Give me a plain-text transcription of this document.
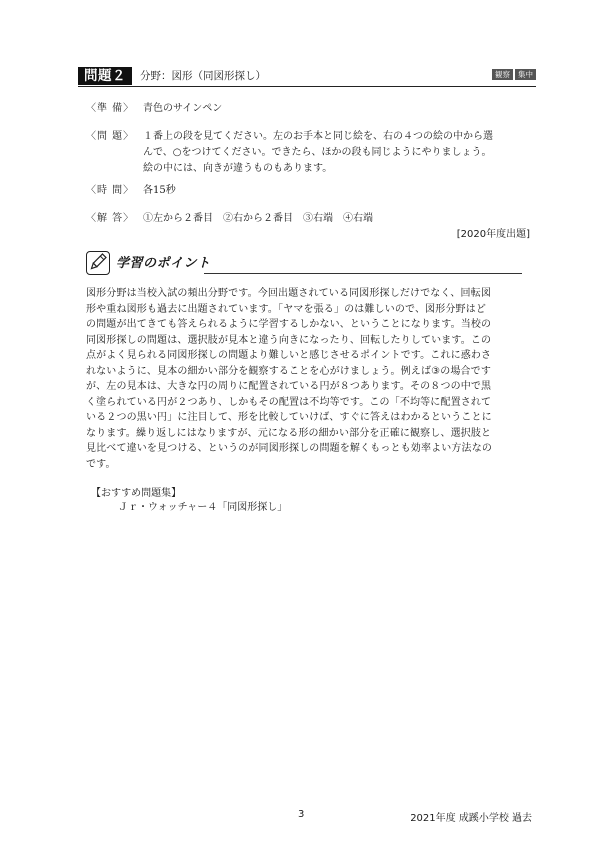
問題２	分野：図形（同図形探し）	観察	集中
〈準 備〉 青色のサインペン
〈問 題〉 １番上の段を見てください。左のお手本と同じ絵を、右の４つの絵の中から選
んで、○をつけてください。できたら、ほかの段も同じようにやりましょう。
絵の中には、向きが違うものもあります。
〈時 間〉 各15秒
〈解 答〉 ①左から２番目　②右から２番目　③右端　④右端
[2020年度出題]
学習のポイント

図形分野は当校入試の頻出分野です。今回出題されている同図形探しだけでなく、回転図

形や重ね図形も過去に出題されています。「ヤマを張る」のは難しいので、図形分野はど

の問題が出てきても答えられるように学習するしかない、ということになります。当校の

同図形探しの問題は、選択肢が見本と違う向きになったり、回転したりしています。この

点がよく見られる同図形探しの問題より難しいと感じさせるポイントです。これに惑わさ

れないように、見本の細かい部分を観察することを心がけましょう。例えば③の場合です

が、左の見本は、大きな円の周りに配置されている円が８つあります。その８つの中で黒

く塗られている円が２つあり、しかもその配置は不均等です。この「不均等に配置されて

いる２つの黒い円」に注目して、形を比較していけば、すぐに答えはわかるということに

なります。繰り返しにはなりますが、元になる形の細かい部分を正確に観察し、選択肢と

見比べて違いを見つける、というのが同図形探しの問題を解くもっとも効率よい方法なの

です。

【おすすめ問題集】
Ｊｒ・ウォッチャー４「同図形探し」
3	2021年度 成蹊小学校 過去
